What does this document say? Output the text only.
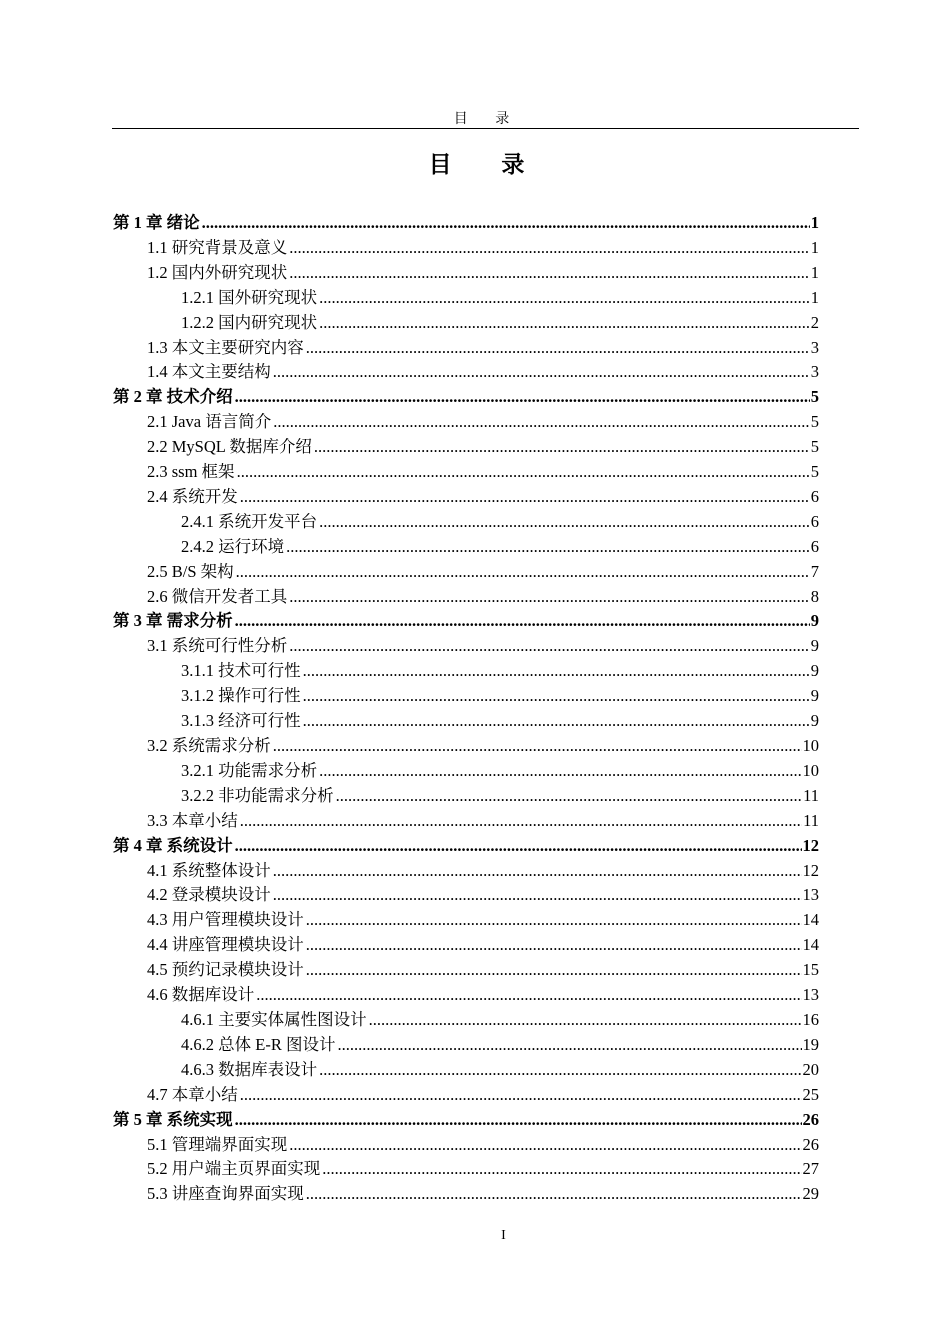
目 录
目 录
第 1 章 绪论 .....	1
1.1 研究背景及意义 .....	1
1.2 国内外研究现状 .....	1
1.2.1 国外研究现状 .....	1
1.2.2 国内研究现状 .....	2
1.3 本文主要研究内容 .....	3
1.4 本文主要结构 .....	3
第 2 章 技术介绍 .....	5
2.1 Java 语言简介 .....	5
2.2 MySQL 数据库介绍 .....	5
2.3 ssm 框架 .....	5
2.4 系统开发 .....	6
2.4.1 系统开发平台 .....	6
2.4.2 运行环境 .....	6
2.5 B/S 架构 .....	7
2.6 微信开发者工具 .....	8
第 3 章 需求分析 .....	9
3.1 系统可行性分析 .....	9
3.1.1 技术可行性 .....	9
3.1.2 操作可行性 .....	9
3.1.3 经济可行性 .....	9
3.2 系统需求分析 .....	10
3.2.1 功能需求分析 .....	10
3.2.2 非功能需求分析 .....	11
3.3 本章小结 .....	11
第 4 章 系统设计 .....	12
4.1 系统整体设计 .....	12
4.2 登录模块设计 .....	13
4.3 用户管理模块设计 .....	14
4.4 讲座管理模块设计 .....	14
4.5 预约记录模块设计 .....	15
4.6 数据库设计 .....	13
4.6.1 主要实体属性图设计 .....	16
4.6.2 总体 E-R 图设计 .....	19
4.6.3 数据库表设计 .....	20
4.7 本章小结 .....	25
第 5 章 系统实现 .....	26
5.1 管理端界面实现 .....	26
5.2 用户端主页界面实现 .....	27
5.3 讲座查询界面实现 .....	29
I
